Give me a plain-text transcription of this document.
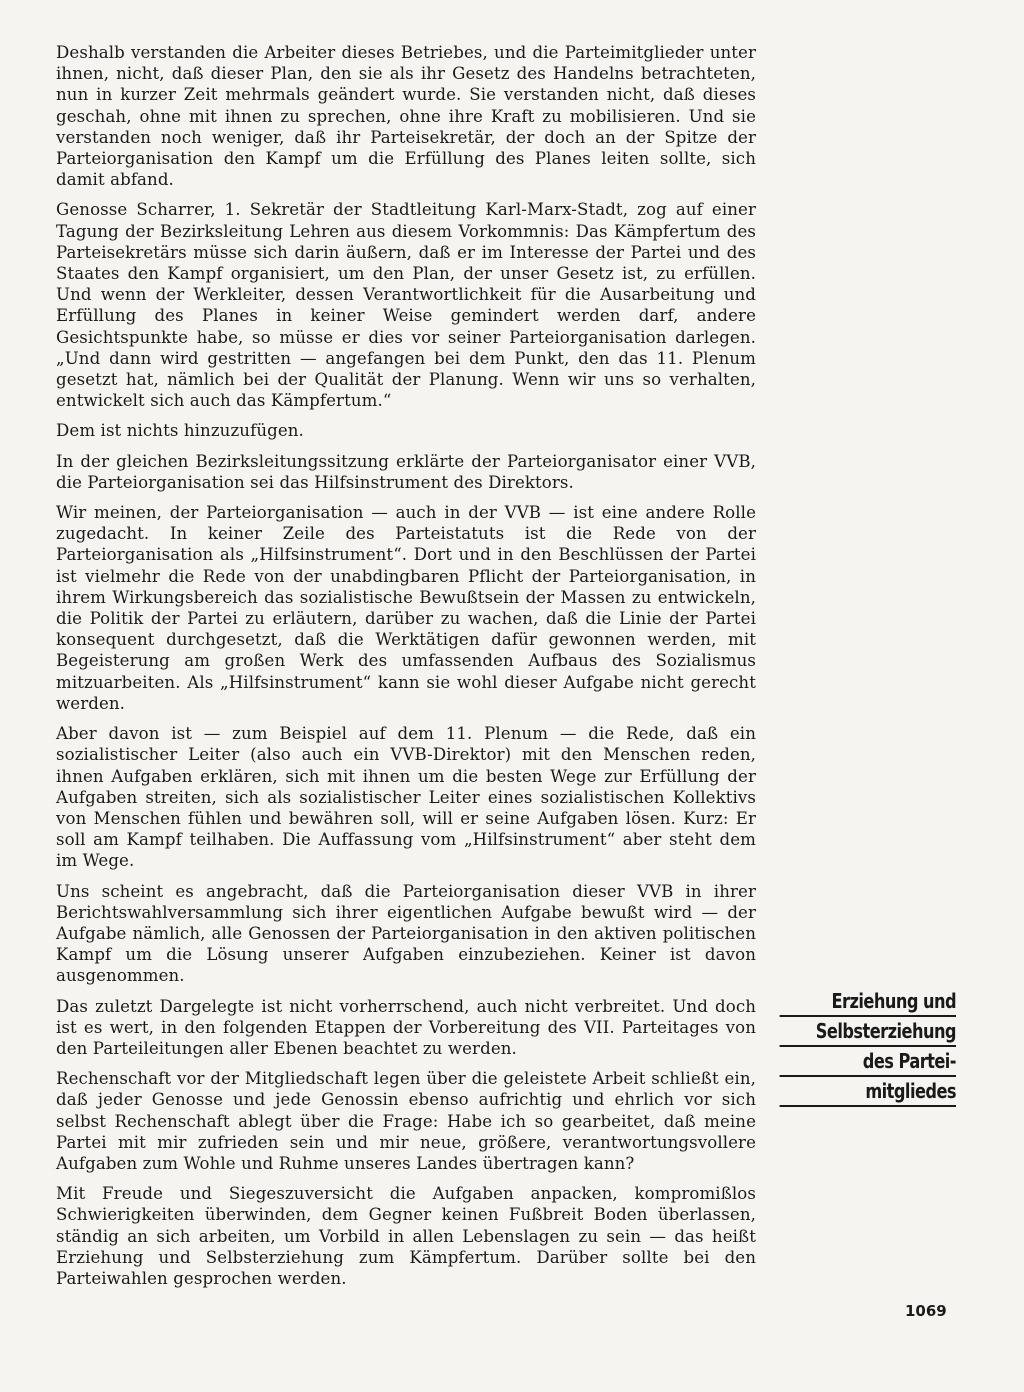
Deshalb verstanden die Arbeiter dieses Betriebes, und die Parteimitglieder unter ihnen, nicht, daß dieser Plan, den sie als ihr Gesetz des Handelns betrachteten, nun in kurzer Zeit mehrmals geändert wurde. Sie verstanden nicht, daß dieses geschah, ohne mit ihnen zu sprechen, ohne ihre Kraft zu mobilisieren. Und sie verstanden noch weniger, daß ihr Parteisekretär, der doch an der Spitze der Parteiorganisation den Kampf um die Erfüllung des Planes leiten sollte, sich damit abfand.

Genosse Scharrer, 1. Sekretär der Stadtleitung Karl-Marx-Stadt, zog auf einer Tagung der Bezirksleitung Lehren aus diesem Vorkommnis: Das Kämpfertum des Parteisekretärs müsse sich darin äußern, daß er im Interesse der Partei und des Staates den Kampf organisiert, um den Plan, der unser Gesetz ist, zu erfüllen. Und wenn der Werkleiter, dessen Verantwortlichkeit für die Ausarbeitung und Erfüllung des Planes in keiner Weise gemindert werden darf, andere Gesichtspunkte habe, so müsse er dies vor seiner Parteiorganisation darlegen. „Und dann wird gestritten — angefangen bei dem Punkt, den das 11. Plenum gesetzt hat, nämlich bei der Qualität der Planung. Wenn wir uns so verhalten, entwickelt sich auch das Kämpfertum.“

Dem ist nichts hinzuzufügen.

In der gleichen Bezirksleitungssitzung erklärte der Parteiorganisator einer VVB, die Parteiorganisation sei das Hilfsinstrument des Direktors.

Wir meinen, der Parteiorganisation — auch in der VVB — ist eine andere Rolle zugedacht. In keiner Zeile des Parteistatuts ist die Rede von der Parteiorganisation als „Hilfsinstrument“. Dort und in den Beschlüssen der Partei ist vielmehr die Rede von der unabdingbaren Pflicht der Parteiorganisation, in ihrem Wirkungsbereich das sozialistische Bewußtsein der Massen zu entwickeln, die Politik der Partei zu erläutern, darüber zu wachen, daß die Linie der Partei konsequent durchgesetzt, daß die Werktätigen dafür gewonnen werden, mit Begeisterung am großen Werk des umfassenden Aufbaus des Sozialismus mitzuarbeiten. Als „Hilfsinstrument“ kann sie wohl dieser Aufgabe nicht gerecht werden.

Aber davon ist — zum Beispiel auf dem 11. Plenum — die Rede, daß ein sozialistischer Leiter (also auch ein VVB-Direktor) mit den Menschen reden, ihnen Aufgaben erklären, sich mit ihnen um die besten Wege zur Erfüllung der Aufgaben streiten, sich als sozialistischer Leiter eines sozialistischen Kollektivs von Menschen fühlen und bewähren soll, will er seine Aufgaben lösen. Kurz: Er soll am Kampf teilhaben. Die Auffassung vom „Hilfsinstrument“ aber steht dem im Wege.

Uns scheint es angebracht, daß die Parteiorganisation dieser VVB in ihrer Berichtswahlversammlung sich ihrer eigentlichen Aufgabe bewußt wird — der Aufgabe nämlich, alle Genossen der Parteiorganisation in den aktiven politischen Kampf um die Lösung unserer Aufgaben einzubeziehen. Keiner ist davon ausgenommen.

Das zuletzt Dargelegte ist nicht vorherrschend, auch nicht verbreitet. Und doch ist es wert, in den folgenden Etappen der Vorbereitung des VII. Parteitages von den Parteileitungen aller Ebenen beachtet zu werden.

Rechenschaft vor der Mitgliedschaft legen über die geleistete Arbeit schließt ein, daß jeder Genosse und jede Genossin ebenso aufrichtig und ehrlich vor sich selbst Rechenschaft ablegt über die Frage: Habe ich so gearbeitet, daß meine Partei mit mir zufrieden sein und mir neue, größere, verantwortungsvollere Aufgaben zum Wohle und Ruhme unseres Landes übertragen kann?

Mit Freude und Siegeszuversicht die Aufgaben anpacken, kompromißlos Schwierigkeiten überwinden, dem Gegner keinen Fußbreit Boden überlassen, ständig an sich arbeiten, um Vorbild in allen Lebenslagen zu sein — das heißt Erziehung und Selbsterziehung zum Kämpfertum. Darüber sollte bei den Parteiwahlen gesprochen werden.

Erziehung und
Selbsterziehung
des Partei-
mitgliedes
1069
